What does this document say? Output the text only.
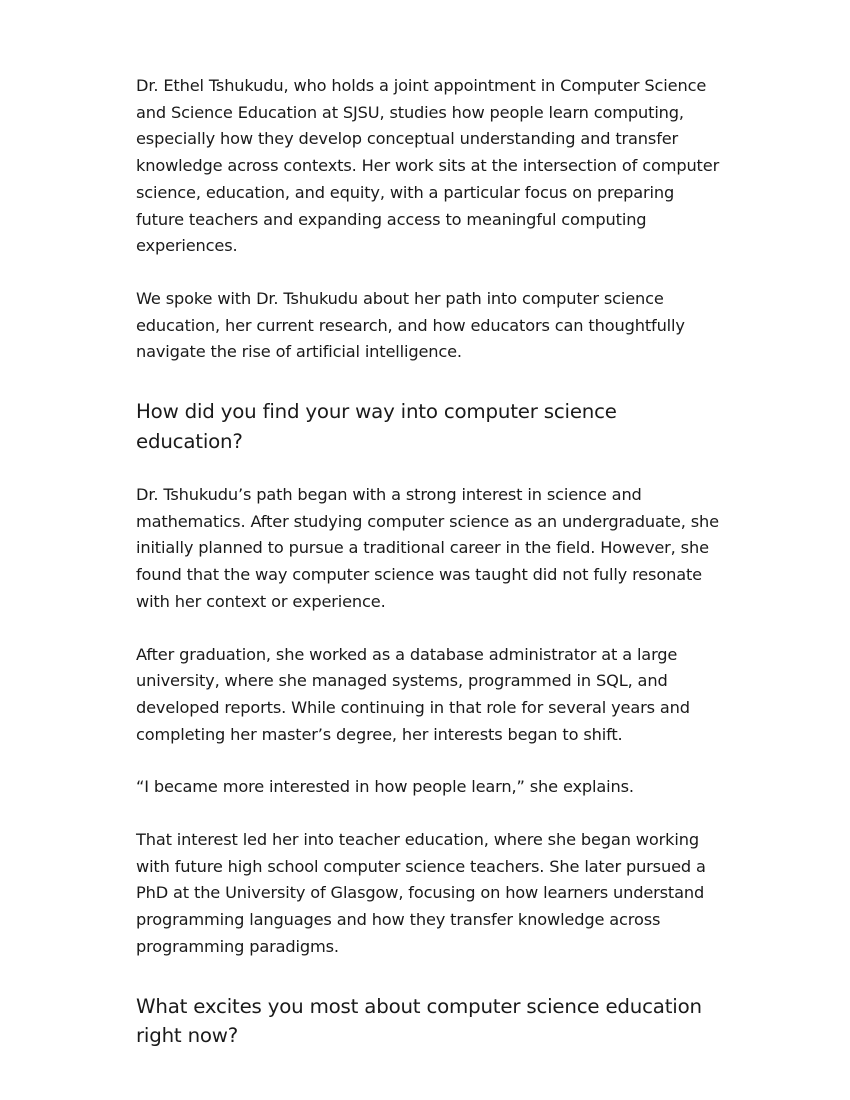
Dr. Ethel Tshukudu, who holds a joint appointment in Computer Science and Science Education at SJSU, studies how people learn computing, especially how they develop conceptual understanding and transfer knowledge across contexts. Her work sits at the intersection of computer science, education, and equity, with a particular focus on preparing future teachers and expanding access to meaningful computing experiences.

We spoke with Dr. Tshukudu about her path into computer science education, her current research, and how educators can thoughtfully navigate the rise of artificial intelligence.

How did you find your way into computer science education?

Dr. Tshukudu’s path began with a strong interest in science and mathematics. After studying computer science as an undergraduate, she initially planned to pursue a traditional career in the field. However, she found that the way computer science was taught did not fully resonate with her context or experience.

After graduation, she worked as a database administrator at a large university, where she managed systems, programmed in SQL, and developed reports. While continuing in that role for several years and completing her master’s degree, her interests began to shift.

“I became more interested in how people learn,” she explains.

That interest led her into teacher education, where she began working with future high school computer science teachers. She later pursued a PhD at the University of Glasgow, focusing on how learners understand programming languages and how they transfer knowledge across programming paradigms.

What excites you most about computer science education right now?
